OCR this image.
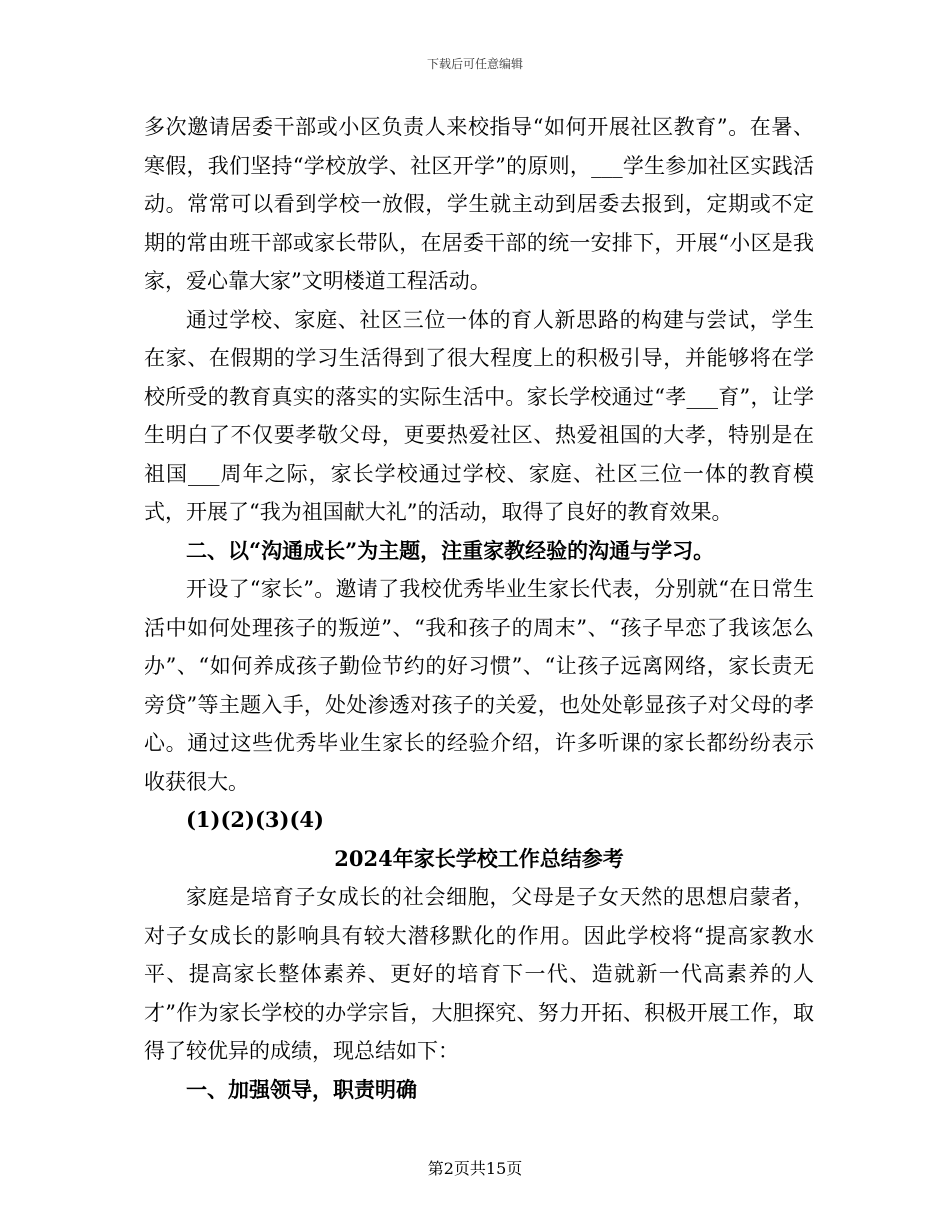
下载后可任意编辑

多次邀请居委干部或小区负责人来校指导“如何开展社区教育”。在暑、寒假，我们坚持“学校放学、社区开学”的原则，___学生参加社区实践活动。常常可以看到学校一放假，学生就主动到居委去报到，定期或不定期的常由班干部或家长带队，在居委干部的统一安排下，开展“小区是我家，爱心靠大家”文明楼道工程活动。

通过学校、家庭、社区三位一体的育人新思路的构建与尝试，学生在家、在假期的学习生活得到了很大程度上的积极引导，并能够将在学校所受的教育真实的落实的实际生活中。家长学校通过“孝___育”，让学生明白了不仅要孝敬父母，更要热爱社区、热爱祖国的大孝，特别是在祖国___周年之际，家长学校通过学校、家庭、社区三位一体的教育模式，开展了“我为祖国献大礼”的活动，取得了良好的教育效果。

二、以“沟通成长”为主题，注重家教经验的沟通与学习。

开设了“家长”。邀请了我校优秀毕业生家长代表，分别就“在日常生活中如何处理孩子的叛逆”、“我和孩子的周末”、“孩子早恋了我该怎么办”、“如何养成孩子勤俭节约的好习惯”、“让孩子远离网络，家长责无旁贷”等主题入手，处处渗透对孩子的关爱，也处处彰显孩子对父母的孝心。通过这些优秀毕业生家长的经验介绍，许多听课的家长都纷纷表示收获很大。

(1)(2)(3)(4)

2024年家长学校工作总结参考

家庭是培育子女成长的社会细胞，父母是子女天然的思想启蒙者，对子女成长的影响具有较大潜移默化的作用。因此学校将“提高家教水平、提高家长整体素养、更好的培育下一代、造就新一代高素养的人才”作为家长学校的办学宗旨，大胆探究、努力开拓、积极开展工作，取得了较优异的成绩，现总结如下：

一、加强领导，职责明确

第2页共15页
